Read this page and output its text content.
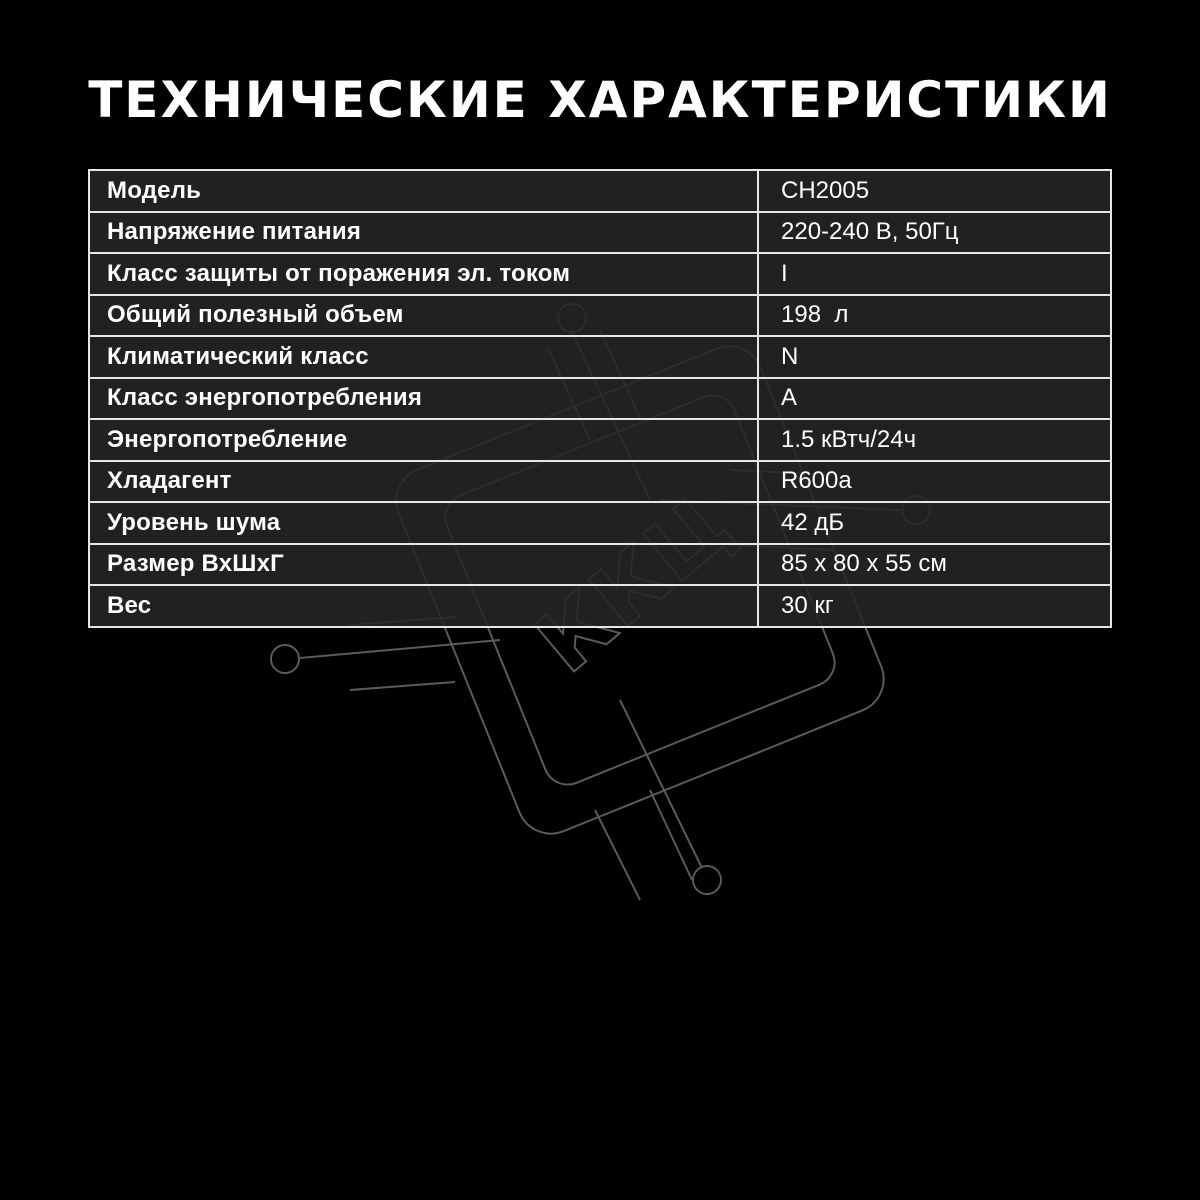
ТЕХНИЧЕСКИЕ ХАРАКТЕРИСТИКИ
Модель	CH2005
Напряжение питания	220-240 В, 50Гц
Класс защиты от поражения эл. током	I
Общий полезный объем	198  л
Климатический класс	N
Класс энергопотребления	A
Энергопотребление	1.5 кВтч/24ч
Хладагент	R600a
Уровень шума	42 дБ
Размер ВхШхГ	85 х 80 х 55 см
Вес	30 кг
